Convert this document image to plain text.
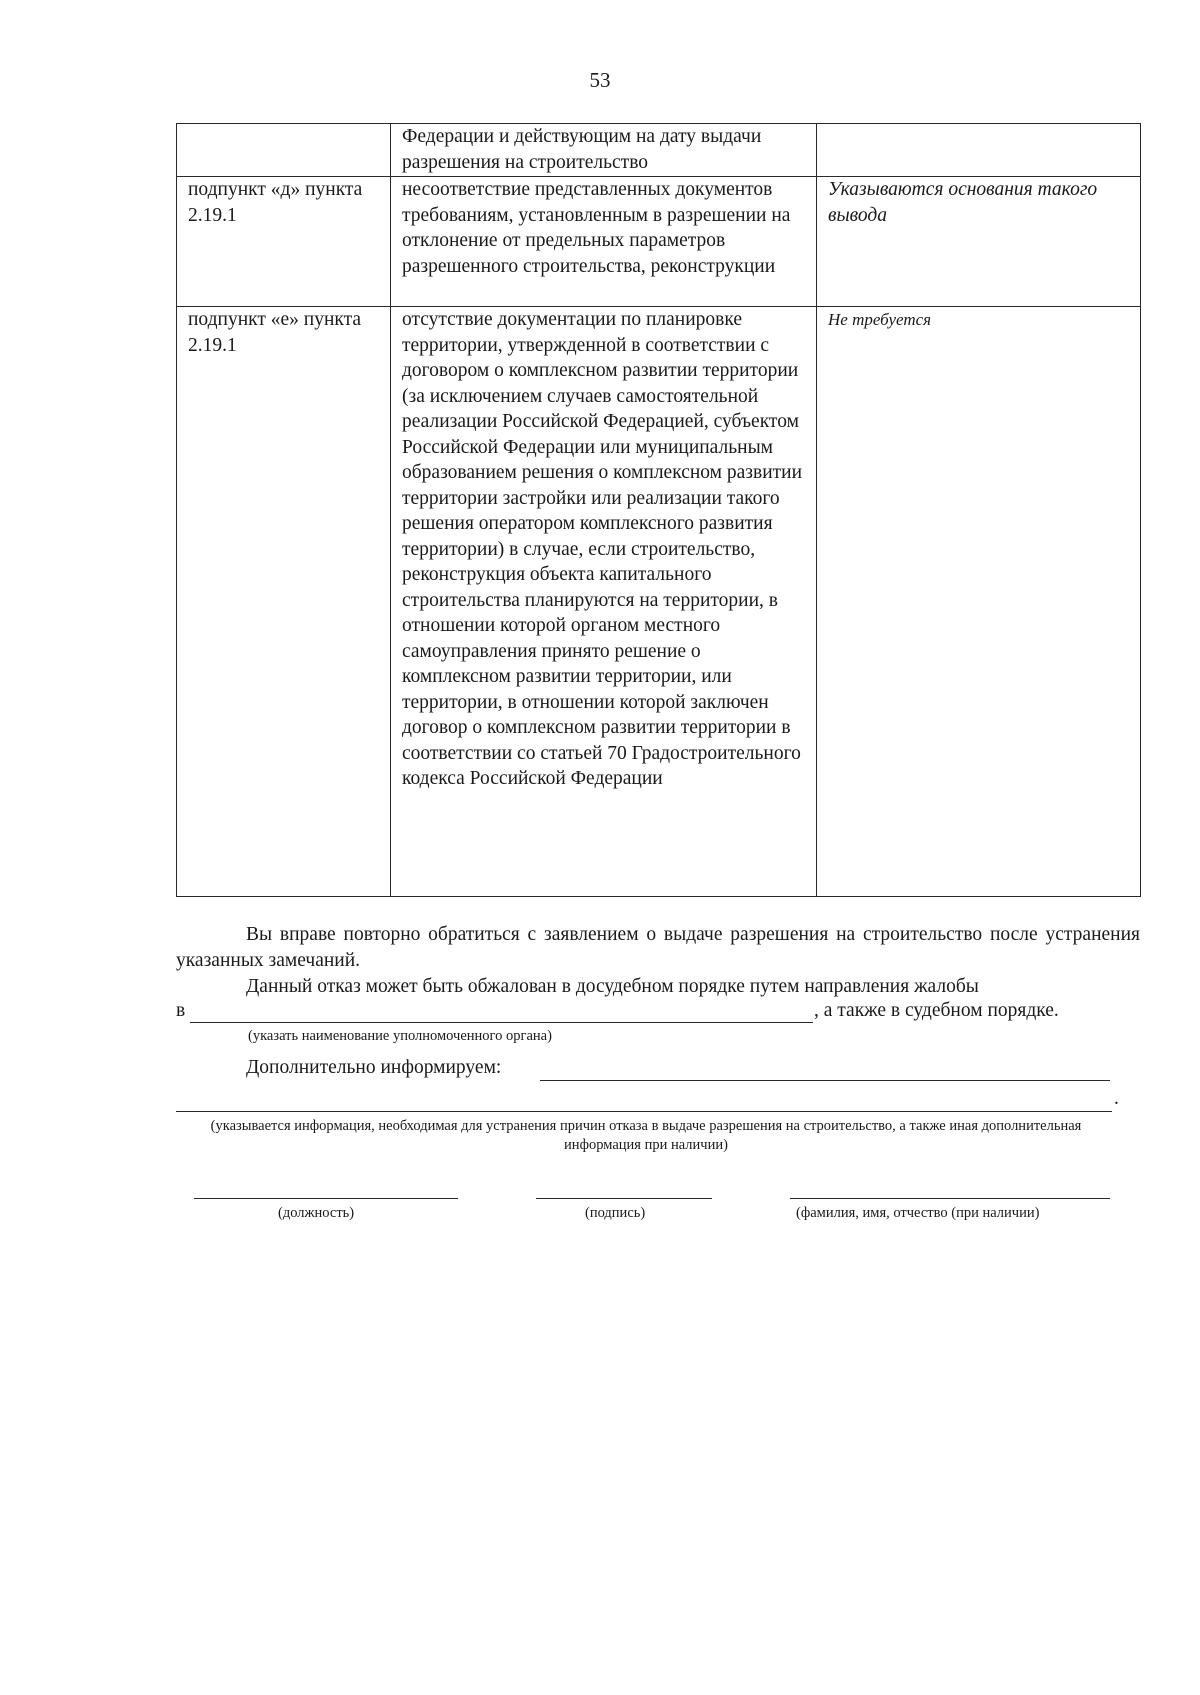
53
	Федерации и действующим на дату выдачи разрешения на строительство	
подпункт «д» пункта 2.19.1	несоответствие представленных документов требованиям, установленным в разрешении на отклонение от предельных параметров разрешенного строительства, реконструкции	Указываются основания такого вывода
подпункт «е» пункта 2.19.1	отсутствие документации по планировке территории, утвержденной в соответствии с договором о комплексном развитии территории (за исключением случаев самостоятельной реализации Российской Федерацией, субъектом Российской Федерации или муниципальным образованием решения о комплексном развитии территории застройки или реализации такого решения оператором комплексного развития территории) в случае, если строительство, реконструкция объекта капитального строительства планируются на территории, в отношении которой органом местного самоуправления принято решение о комплексном развитии территории, или территории, в отношении которой заключен договор о комплексном развитии территории в соответствии со статьей 70 Градостроительного кодекса Российской Федерации	Не требуется
Вы вправе повторно обратиться с заявлением о выдаче разрешения на строительство после устранения указанных замечаний.
Данный отказ может быть обжалован в досудебном порядке путем направления жалобы
в	, а также в судебном порядке.
(указать наименование уполномоченного органа)
Дополнительно информируем:
.
(указывается информация, необходимая для устранения причин отказа в выдаче разрешения на строительство, а также иная дополнительная информация при наличии)
(должность)	(подпись)	(фамилия, имя, отчество (при наличии)
